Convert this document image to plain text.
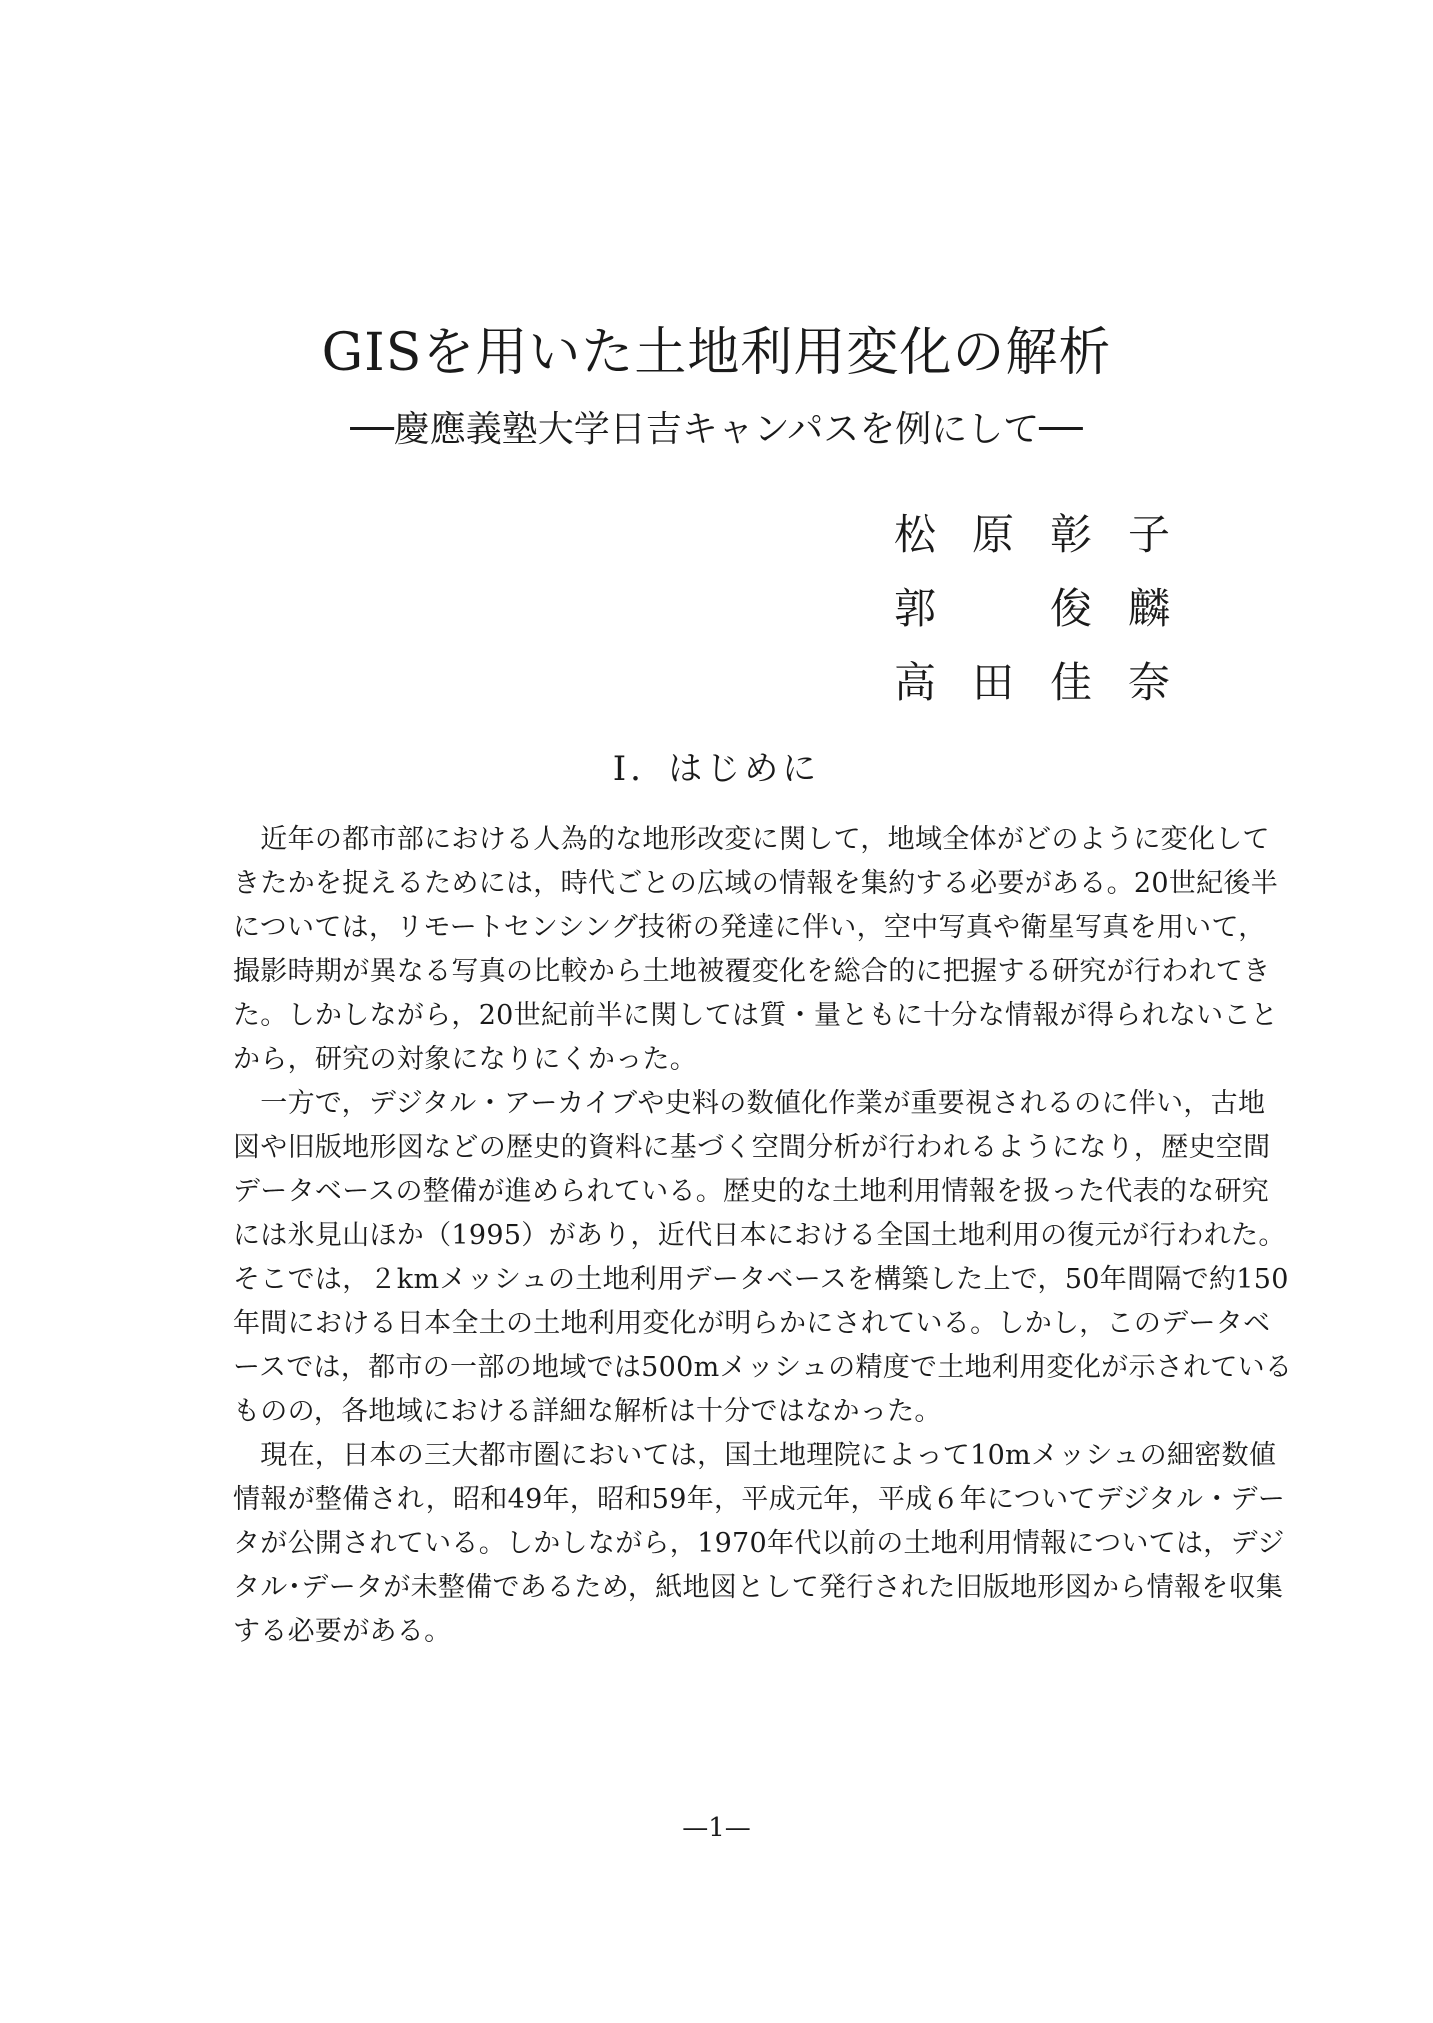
GISを用いた土地利用変化の解析
──慶應義塾大学日吉キャンパスを例にして──
松 原 彰 子
郭	俊 麟
高 田 佳 奈
Ⅰ．はじめに
　近年の都市部における人為的な地形改変に関して，地域全体がどのように変化して
きたかを捉えるためには，時代ごとの広域の情報を集約する必要がある。20世紀後半
については，リモートセンシング技術の発達に伴い，空中写真や衛星写真を用いて，
撮影時期が異なる写真の比較から土地被覆変化を総合的に把握する研究が行われてき
た。しかしながら，20世紀前半に関しては質・量ともに十分な情報が得られないこと
から，研究の対象になりにくかった。
　一方で，デジタル・アーカイブや史料の数値化作業が重要視されるのに伴い，古地
図や旧版地形図などの歴史的資料に基づく空間分析が行われるようになり，歴史空間
データベースの整備が進められている。歴史的な土地利用情報を扱った代表的な研究
には氷見山ほか（1995）があり，近代日本における全国土地利用の復元が行われた。
そこでは，２kmメッシュの土地利用データベースを構築した上で，50年間隔で約150
年間における日本全土の土地利用変化が明らかにされている。しかし，このデータベ
ースでは，都市の一部の地域では500mメッシュの精度で土地利用変化が示されている
ものの，各地域における詳細な解析は十分ではなかった。
　現在，日本の三大都市圏においては，国土地理院によって10mメッシュの細密数値
情報が整備され，昭和49年，昭和59年，平成元年，平成６年についてデジタル・デー
タが公開されている。しかしながら，1970年代以前の土地利用情報については，デジ
タル･データが未整備であるため，紙地図として発行された旧版地形図から情報を収集
する必要がある。
—1—
